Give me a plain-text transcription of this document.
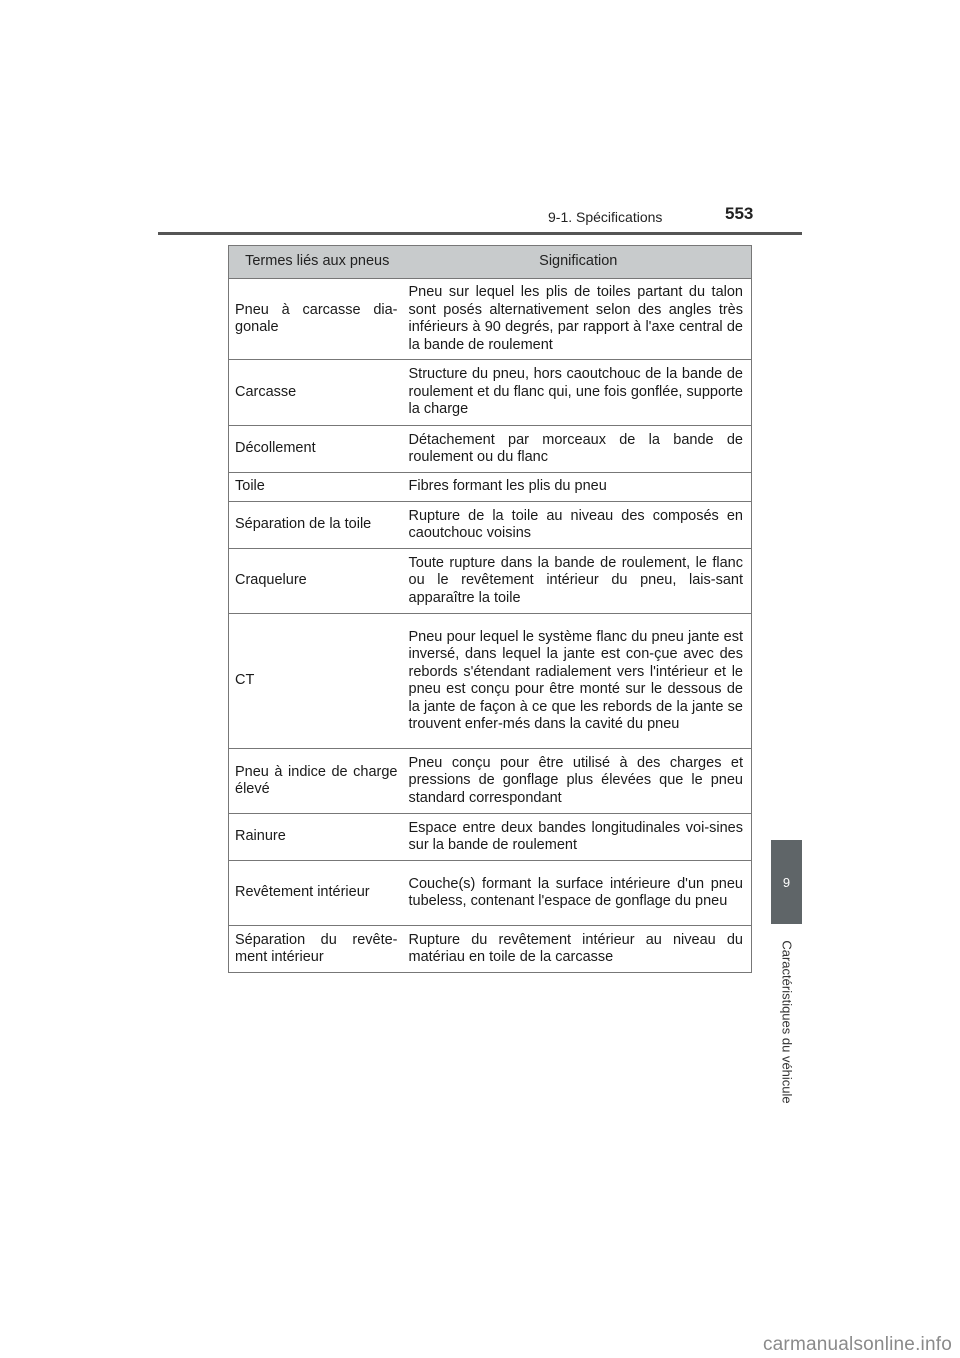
9-1. Spécifications	553
9
Caractéristiques du véhicule
Termes liés aux pneus	Signification
Pneu à carcasse dia-gonale	Pneu sur lequel les plis de toiles partant du talon sont posés alternativement selon des angles très inférieurs à 90 degrés, par rapport à l'axe central de la bande de roulement
Carcasse	Structure du pneu, hors caoutchouc de la bande de roulement et du flanc qui, une fois gonflée, supporte la charge
Décollement	Détachement par morceaux de la bande de roulement ou du flanc
Toile	Fibres formant les plis du pneu
Séparation de la toile	Rupture de la toile au niveau des composés en caoutchouc voisins
Craquelure	Toute rupture dans la bande de roulement, le flanc ou le revêtement intérieur du pneu, lais-sant apparaître la toile
CT	Pneu pour lequel le système flanc du pneu jante est inversé, dans lequel la jante est con-çue avec des rebords s'étendant radialement vers l'intérieur et le pneu est conçu pour être monté sur le dessous de la jante de façon à ce que les rebords de la jante se trouvent enfer-més dans la cavité du pneu
Pneu à indice de charge élevé	Pneu conçu pour être utilisé à des charges et pressions de gonflage plus élevées que le pneu standard correspondant
Rainure	Espace entre deux bandes longitudinales voi-sines sur la bande de roulement
Revêtement intérieur	Couche(s) formant la surface intérieure d'un pneu tubeless, contenant l'espace de gonflage du pneu
Séparation du revête-ment intérieur	Rupture du revêtement intérieur au niveau du matériau en toile de la carcasse
carmanualsonline.info
